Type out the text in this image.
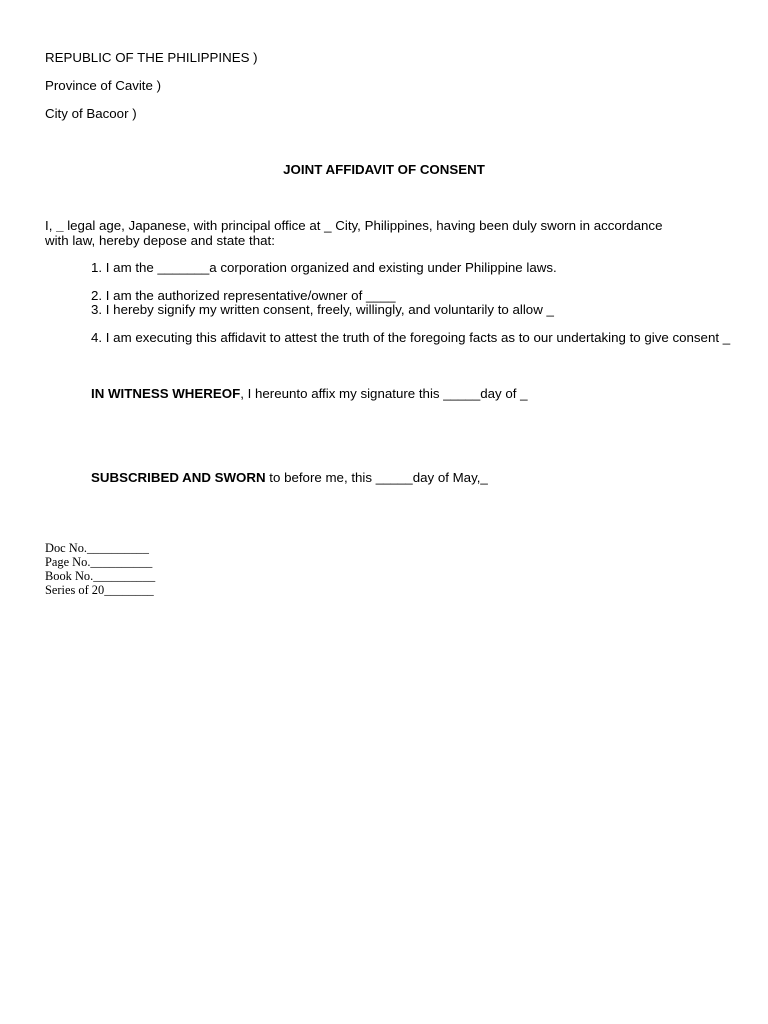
REPUBLIC OF THE PHILIPPINES )
Province of Cavite )
City of Bacoor )
JOINT AFFIDAVIT OF CONSENT
I, _ legal age, Japanese, with principal office at _ City, Philippines, having been duly sworn in accordance with law, hereby depose and state that:
1. I am the _______a corporation organized and existing under Philippine laws.
2. I am the authorized representative/owner of ____
3. I hereby signify my written consent, freely, willingly, and voluntarily to allow _
4. I am executing this affidavit to attest the truth of the foregoing facts as to our undertaking to give consent _
IN WITNESS WHEREOF, I hereunto affix my signature this _____day of _
SUBSCRIBED AND SWORN to before me, this _____day of May,_
Doc No.__________
Page No.__________
Book No.__________
Series of 20________
